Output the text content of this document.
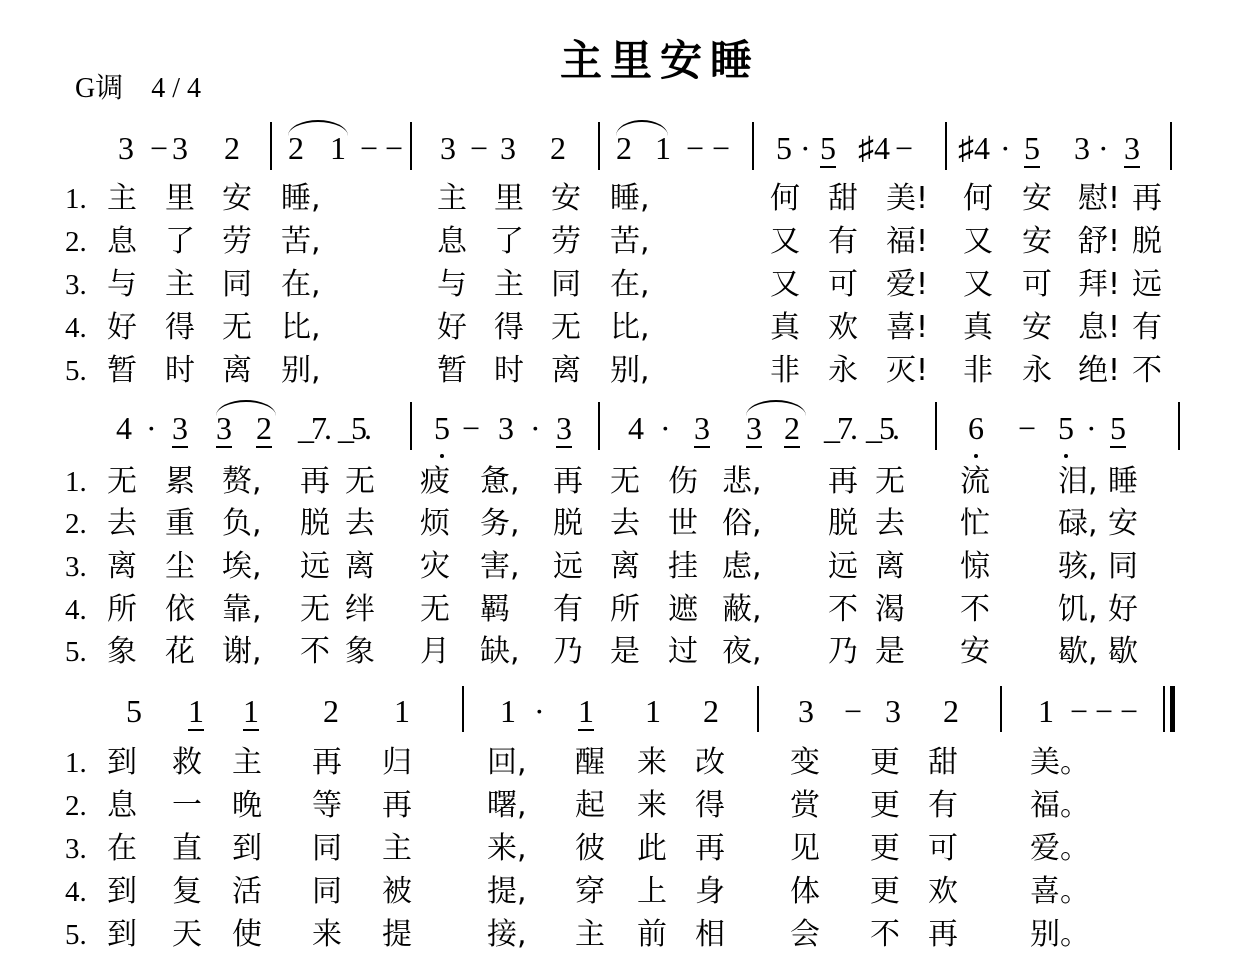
主里安睡
G调　4 / 4
3 − 3 2 2 1 − − 3 − 3 2 2 1 − − 5 · 5 ♯4 − ♯4 · 5 3 · 3
1. 主 里 安 睡,	主 里 安 睡,	何 甜 美! 何 安 慰! 再
2. 息 了 劳 苦,	息 了 劳 苦,	又 有 福! 又 安 舒! 脱
3. 与 主 同 在,	与 主 同 在,	又 可 爱! 又 可 拜! 远
4. 好 得 无 比,	好 得 无 比,	真 欢 喜! 真 安 息! 有
5. 暂 时 离 别,	暂 时 离 别,	非 永 灭! 非 永 绝! 不
4 · 3 3 2 _7. _5. 5 − 3 · 3 4 · 3 3 2 _7. _5. 6 − 5 · 5
1. 无 累 赘, 再 无 疲 惫, 再 无 伤 悲, 再 无 流 泪, 睡
2. 去 重 负, 脱 去 烦 务, 脱 去 世 俗, 脱 去 忙 碌, 安
3. 离 尘 埃, 远 离 灾 害, 远 离 挂 虑, 远 离 惊 骇, 同
4. 所 依 靠, 无 绊 无 羁 有 所 遮 蔽, 不 渴 不 饥, 好
5. 象 花 谢, 不 象 月 缺, 乃 是 过 夜, 乃 是 安 歇, 歇
5 1 1 2 1	1 · 1 1 2 3 − 3 2 1 − − −
1. 到 救 主 再 归	回, 醒 来 改 变 更 甜 美。
2. 息 一 晚 等 再	曙, 起 来 得 赏 更 有 福。
3. 在 直 到 同 主	来, 彼 此 再 见 更 可 爱。
4. 到 复 活 同 被	提, 穿 上 身 体 更 欢 喜。
5. 到 天 使 来 提	接, 主 前 相 会 不 再 别。
